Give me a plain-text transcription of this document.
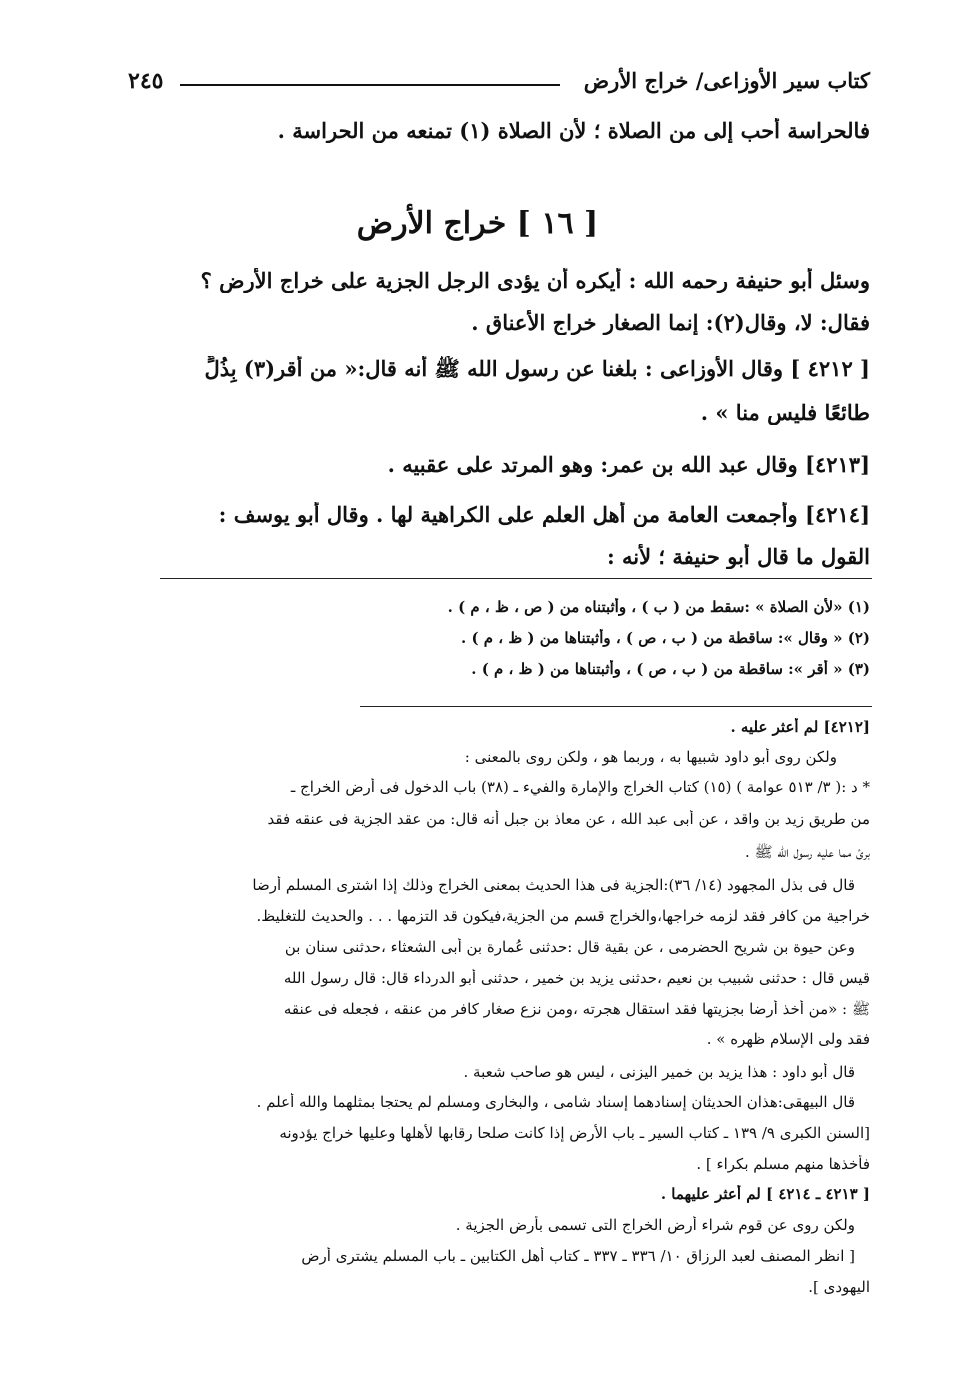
كتاب سير الأوزاعى/ خراج الأرض
٢٤٥
فالحراسة أحب إلى من الصلاة ؛ لأن الصلاة (١) تمنعه من الحراسة .
[ ١٦ ] خراج الأرض
وسئل أبو حنيفة رحمه الله : أيكره أن يؤدى الرجل الجزية على خراج الأرض ؟
فقال: لا، وقال(٢): إنما الصغار خراج الأعناق .
[ ٤٢١٢ ] وقال الأوزاعى : بلغنا عن رسول الله ﷺ أنه قال:« من أقر(٣) بِذُلٍّ
طائعًا فليس منا » .
[٤٢١٣] وقال عبد الله بن عمر: وهو المرتد على عقبيه .
[٤٢١٤] وأجمعت العامة من أهل العلم على الكراهية لها . وقال أبو يوسف :
القول ما قال أبو حنيفة ؛ لأنه :
(١) «لأن الصلاة » :سقط من ( ب ) ، وأثبتناه من ( ص ، ظ ، م ) .
(٢) « وقال »: ساقطة من ( ب ، ص ) ، وأثبتناها من ( ظ ، م ) .
(٣) « أقر »: ساقطة من ( ب ، ص ) ، وأثبتناها من ( ظ ، م ) .
[٤٢١٢] لم أعثر عليه .
ولكن روى أبو داود شبيها به ، وربما هو ، ولكن روى بالمعنى :
* د :( ٣/ ٥١٣ عوامة ) (١٥) كتاب الخراج والإمارة والفيء ـ (٣٨) باب الدخول فى أرض الخراج ـ
من طريق زيد بن واقد ، عن أبى عبد الله ، عن معاذ بن جبل أنه قال: من عقد الجزية فى عنقه فقد
برئ مما عليه رسول الله ﷺ .
قال فى بذل المجهود (١٤/ ٣٦):الجزية فى هذا الحديث بمعنى الخراج وذلك إذا اشترى المسلم أرضا
خراجية من كافر فقد لزمه خراجها،والخراج قسم من الجزية،فيكون قد التزمها . . . والحديث للتغليظ.
وعن حيوة بن شريح الحضرمى ، عن بقية قال :حدثنى عُمارة بن أبى الشعثاء ،حدثنى سنان بن
قيس قال : حدثنى شبيب بن نعيم ،حدثنى يزيد بن خمير ، حدثنى أبو الدرداء قال: قال رسول الله
ﷺ : «من أخذ أرضا بجزيتها فقد استقال هجرته ،ومن نزع صغار كافر من عنقه ، فجعله فى عنقه
فقد ولى الإسلام ظهره » .
قال أبو داود : هذا يزيد بن خمير اليزنى ، ليس هو صاحب شعبة .
قال البيهقى:هذان الحديثان إسنادهما إسناد شامى ، والبخارى ومسلم لم يحتجا بمثلهما والله أعلم .
[السنن الكبرى ٩/ ١٣٩ ـ كتاب السير ـ باب الأرض إذا كانت صلحا رقابها لأهلها وعليها خراج يؤدونه
فأخذها منهم مسلم بكراء ] .
[ ٤٢١٣ ـ ٤٢١٤ ] لم أعثر عليهما .
ولكن روى عن قوم شراء أرض الخراج التى تسمى بأرض الجزية .
[ انظر المصنف لعبد الرزاق ١٠/ ٣٣٦ ـ ٣٣٧ ـ كتاب أهل الكتابين ـ باب المسلم يشترى أرض
اليهودى ].
